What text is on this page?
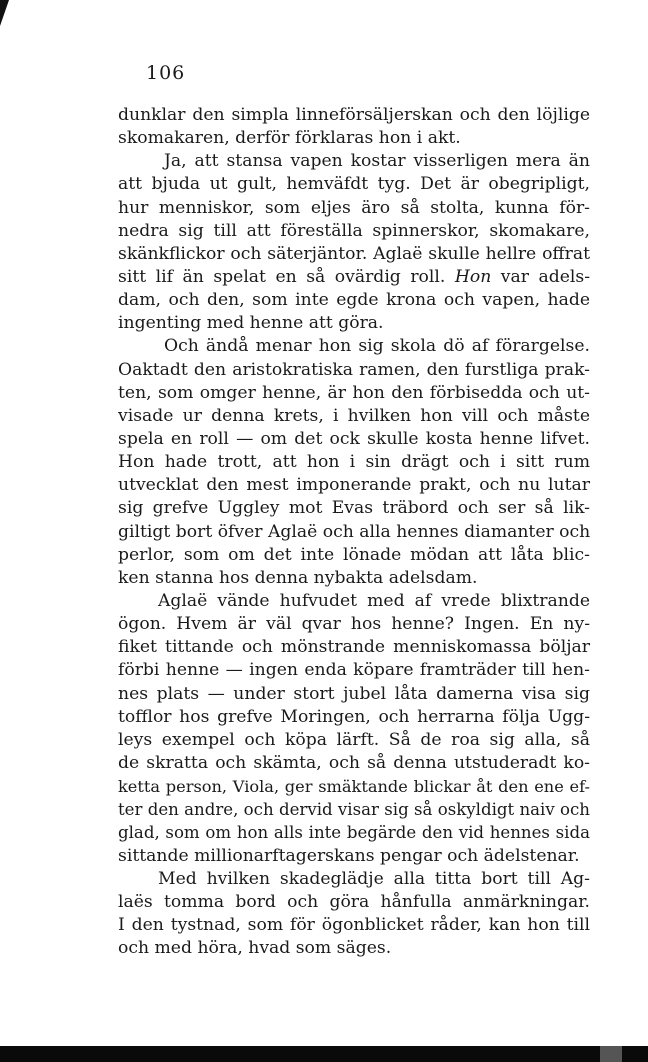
106
dunklar den simpla linneförsäljerskan och den löjlige
skomakaren, derför förklaras hon i akt.
Ja, att stansa vapen kostar visserligen mera än
att bjuda ut gult, hemväfdt tyg. Det är obegripligt,
hur menniskor, som eljes äro så stolta, kunna för-
nedra sig till att föreställa spinnerskor, skomakare,
skänkflickor och säterjäntor. Aglaë skulle hellre offrat
sitt lif än spelat en så ovärdig roll. Hon var adels-
dam, och den, som inte egde krona och vapen, hade
ingenting med henne att göra.
Och ändå menar hon sig skola dö af förargelse.
Oaktadt den aristokratiska ramen, den furstliga prak-
ten, som omger henne, är hon den förbisedda och ut-
visade ur denna krets, i hvilken hon vill och måste
spela en roll — om det ock skulle kosta henne lifvet.
Hon hade trott, att hon i sin drägt och i sitt rum
utvecklat den mest imponerande prakt, och nu lutar
sig grefve Uggley mot Evas träbord och ser så lik-
giltigt bort öfver Aglaë och alla hennes diamanter och
perlor, som om det inte lönade mödan att låta blic-
ken stanna hos denna nybakta adelsdam.
Aglaë vände hufvudet med af vrede blixtrande
ögon. Hvem är väl qvar hos henne? Ingen. En ny-
fiket tittande och mönstrande menniskomassa böljar
förbi henne — ingen enda köpare framträder till hen-
nes plats — under stort jubel låta damerna visa sig
tofflor hos grefve Moringen, och herrarna följa Ugg-
leys exempel och köpa lärft. Så de roa sig alla, så
de skratta och skämta, och så denna utstuderadt ko-
ketta person, Viola, ger smäktande blickar åt den ene ef-
ter den andre, och dervid visar sig så oskyldigt naiv och
glad, som om hon alls inte begärde den vid hennes sida
sittande millionarftagerskans pengar och ädelstenar.
Med hvilken skadeglädje alla titta bort till Ag-
laës tomma bord och göra hånfulla anmärkningar.
I den tystnad, som för ögonblicket råder, kan hon till
och med höra, hvad som säges.
